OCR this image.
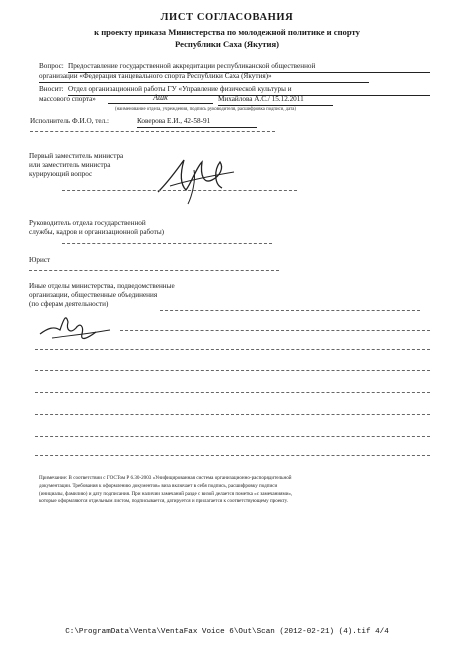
ЛИСТ СОГЛАСОВАНИЯ
к проекту приказа Министерства по молодежной политике и спорту
Республики Саха (Якутия)
Вопрос: Предоставление государственной аккредитации республиканской общественной
организации «Федерация танцевального спорта Республики Саха (Якутия)»
Вносит: Отдел организационной работы ГУ «Управление физической культуры и
массового спорта»	Ашк	Михайлова А.С./ 15.12.2011
(наименование отдела, учреждения, подпись руководителя, расшифровка подписи, дата)
Исполнитель Ф.И.О, тел.:	Коверова Е.И., 42-58-91
Первый заместитель министра
или заместитель министра
курирующий вопрос
Руководитель отдела государственной
службы, кадров и организационной работы)
Юрист
Иные отделы министерства, подведомственные
организации, общественные объединения
(по сферам деятельности)
Примечание: В соответствии с ГОСТом Р 6.30-2003 «Унифицированная система организационно-распорядительной
документации. Требования к оформлению документов» виза включает в себя подпись, расшифровку подписи
(инициалы, фамилию) и дату подписания. При наличии замечаний разде с визой делается пометка «с замечаниями»,
которые оформляются отдельным листом, подписывается, датируется и прилагается к соответствующему проекту.
C:\ProgramData\Venta\VentaFax Voice 6\Out\Scan (2012-02-21) (4).tif 4/4
